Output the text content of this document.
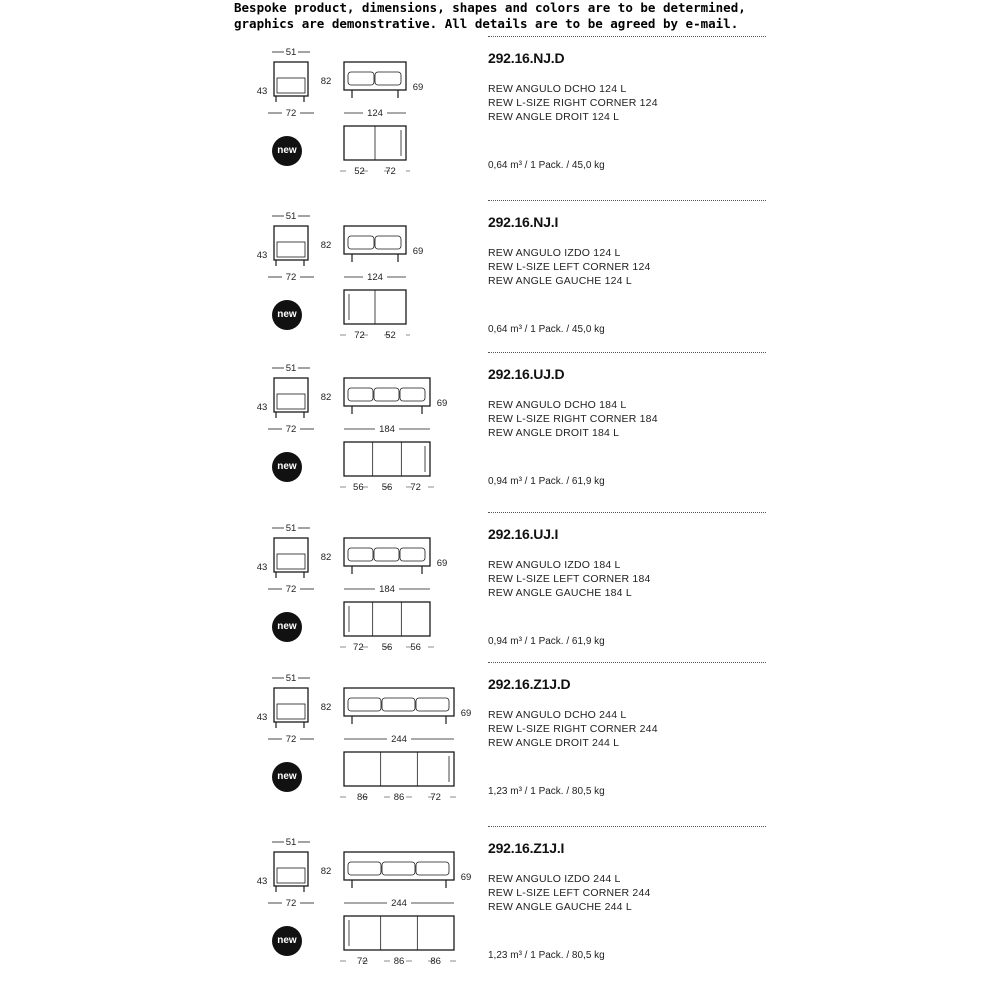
Bespoke product, dimensions, shapes and colors are to be determined,
graphics are demonstrative. All details are to be agreed by e-mail.
51
43
72
82
69
124
52 72
new
292.16.NJ.D
REW ANGULO DCHO 124 L
REW L-SIZE RIGHT CORNER 124
REW ANGLE DROIT 124 L
0,64 m³ / 1 Pack. / 45,0 kg
51
43
72
82
69
124
72 52
new
292.16.NJ.I
REW ANGULO IZDO 124 L
REW L-SIZE LEFT CORNER 124
REW ANGLE GAUCHE 124 L
0,64 m³ / 1 Pack. / 45,0 kg
51
43
72
82
69
184
56 56 72
new
292.16.UJ.D
REW ANGULO DCHO 184 L
REW L-SIZE RIGHT CORNER 184
REW ANGLE DROIT 184 L
0,94 m³ / 1 Pack. / 61,9 kg
51
43
72
82
69
184
72 56 56
new
292.16.UJ.I
REW ANGULO IZDO 184 L
REW L-SIZE LEFT CORNER 184
REW ANGLE GAUCHE 184 L
0,94 m³ / 1 Pack. / 61,9 kg
51
43
72
82
69
244
86	86	72
new
292.16.Z1J.D
REW ANGULO DCHO 244 L
REW L-SIZE RIGHT CORNER 244
REW ANGLE DROIT 244 L
1,23 m³ / 1 Pack. / 80,5 kg
51
43
72
82
69
244
72	86	86
new
292.16.Z1J.I
REW ANGULO IZDO 244 L
REW L-SIZE LEFT CORNER 244
REW ANGLE GAUCHE 244 L
1,23 m³ / 1 Pack. / 80,5 kg
